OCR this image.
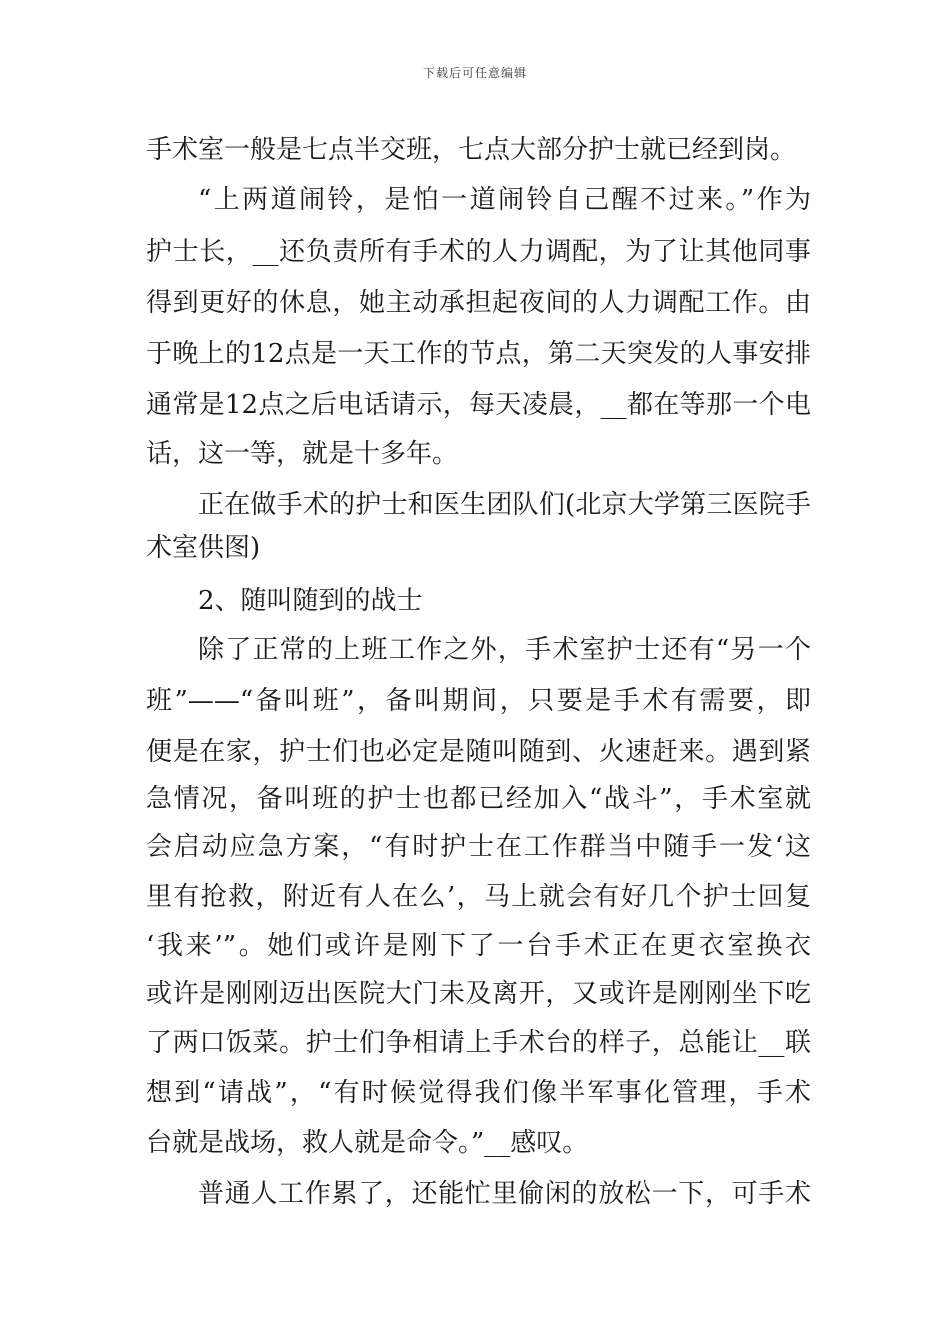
下载后可任意编辑
手术室一般是七点半交班，七点大部分护士就已经到岗。
“上两道闹铃，是怕一道闹铃自己醒不过来。”作为
护士长，__还负责所有手术的人力调配，为了让其他同事
得到更好的休息，她主动承担起夜间的人力调配工作。由
于晚上的12点是一天工作的节点，第二天突发的人事安排
通常是12点之后电话请示，每天凌晨，__都在等那一个电
话，这一等，就是十多年。
正在做手术的护士和医生团队们(北京大学第三医院手
术室供图)
2、随叫随到的战士
除了正常的上班工作之外，手术室护士还有“另一个
班”——“备叫班”，备叫期间，只要是手术有需要，即
便是在家，护士们也必定是随叫随到、火速赶来。遇到紧
急情况，备叫班的护士也都已经加入“战斗”，手术室就
会启动应急方案，“有时护士在工作群当中随手一发‘这
里有抢救，附近有人在么’，马上就会有好几个护士回复
‘我来’”。她们或许是刚下了一台手术正在更衣室换衣
或许是刚刚迈出医院大门未及离开，又或许是刚刚坐下吃
了两口饭菜。护士们争相请上手术台的样子，总能让__联
想到“请战”，“有时候觉得我们像半军事化管理，手术
台就是战场，救人就是命令。”__感叹。
普通人工作累了，还能忙里偷闲的放松一下，可手术
